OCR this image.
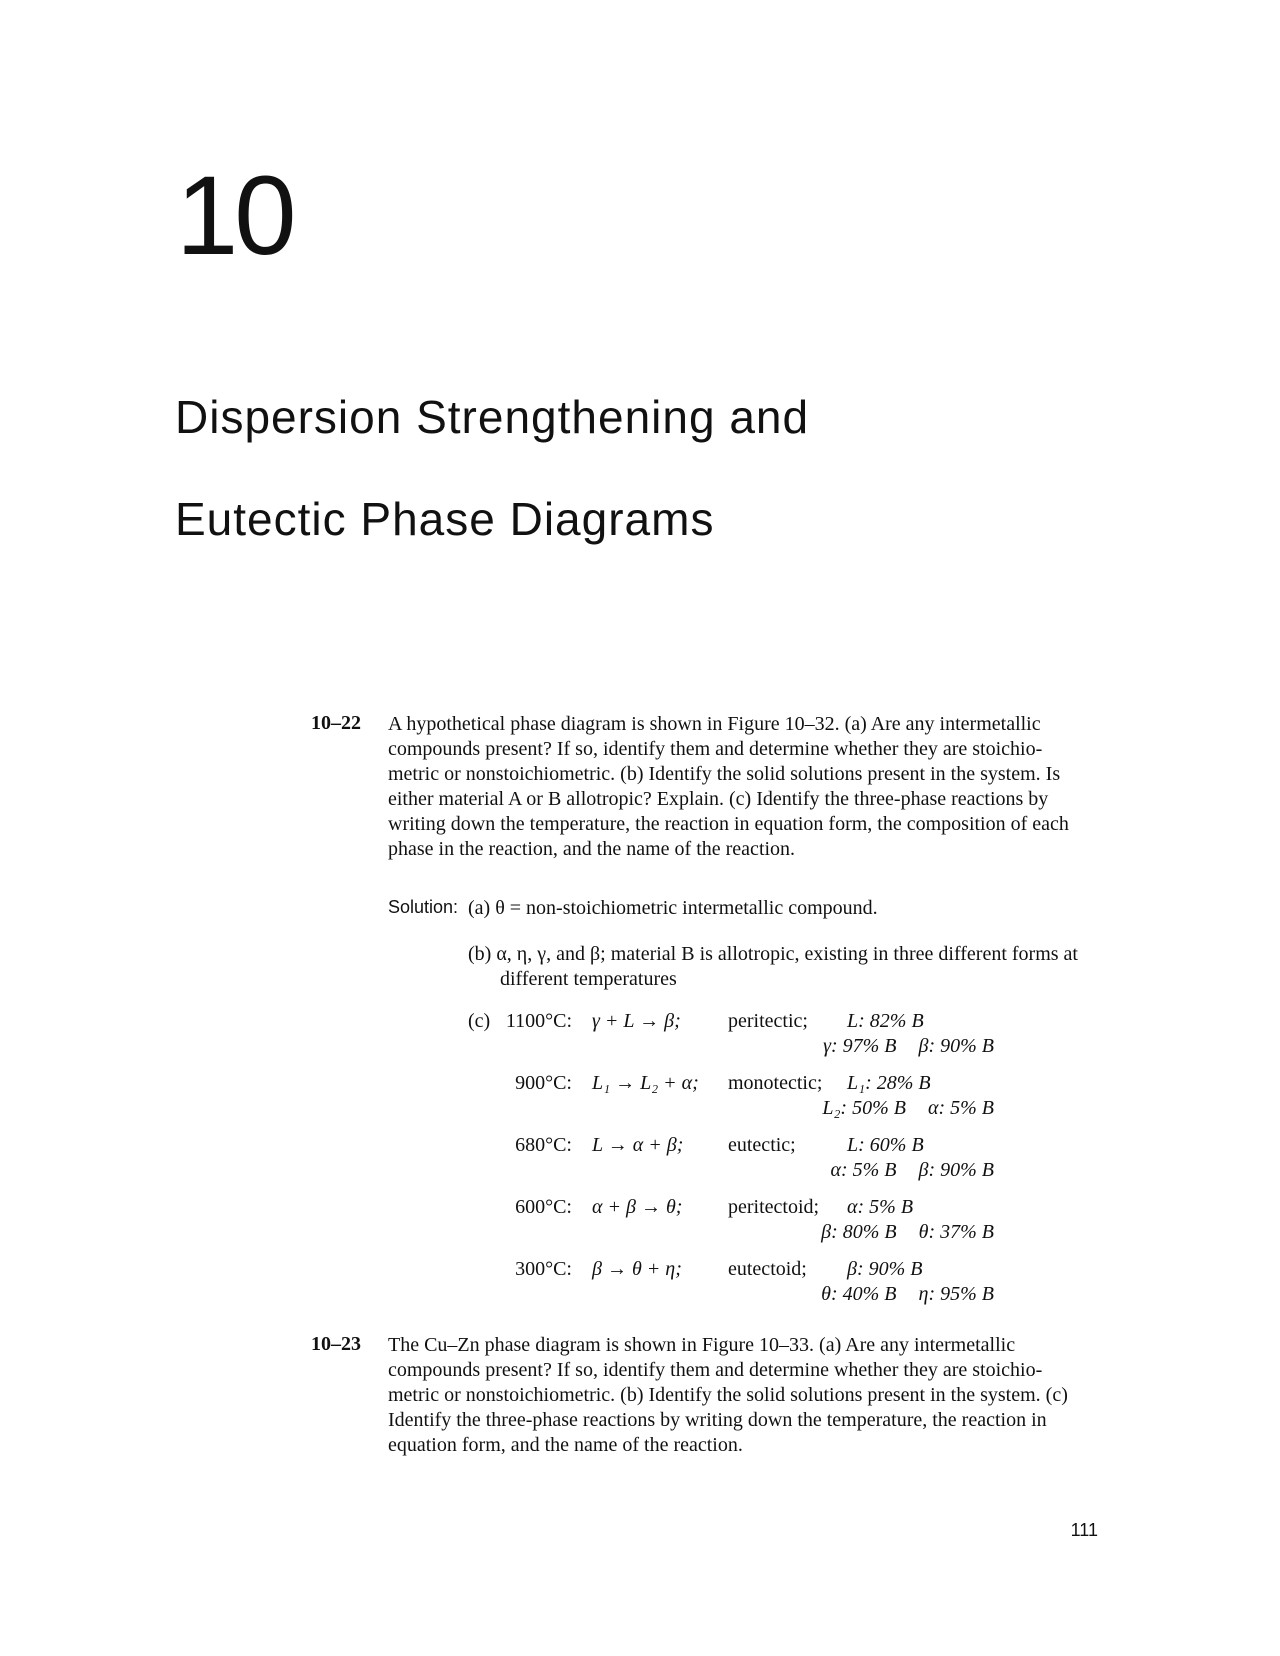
10
Dispersion Strengthening and
Eutectic Phase Diagrams
10–22 A hypothetical phase diagram is shown in Figure 10–32. (a) Are any intermetallic compounds present? If so, identify them and determine whether they are stoichio- metric or nonstoichiometric. (b) Identify the solid solutions present in the system. Is either material A or B allotropic? Explain. (c) Identify the three-phase reactions by writing down the temperature, the reaction in equation form, the composition of each phase in the reaction, and the name of the reaction.
Solution: (a) θ = non-stoichiometric intermetallic compound.
(b) α, η, γ, and β; material B is allotropic, existing in three different forms at different temperatures
(c) 1100°C: γ + L → β; peritectic; L: 82% B
γ: 97% B β: 90% B
900°C: L₁ → L₂ + α; monotectic; L₁: 28% B
L₂: 50% B α: 5% B
680°C: L → α + β; eutectic;	L: 60% B
α: 5% B β: 90% B
600°C: α + β → θ; peritectoid; α: 5% B
β: 80% B θ: 37% B
300°C: β → θ + η; eutectoid; β: 90% B
θ: 40% B η: 95% B
10–23 The Cu–Zn phase diagram is shown in Figure 10–33. (a) Are any intermetallic compounds present? If so, identify them and determine whether they are stoichio- metric or nonstoichiometric. (b) Identify the solid solutions present in the system. (c) Identify the three-phase reactions by writing down the temperature, the reaction in equation form, and the name of the reaction.
111
